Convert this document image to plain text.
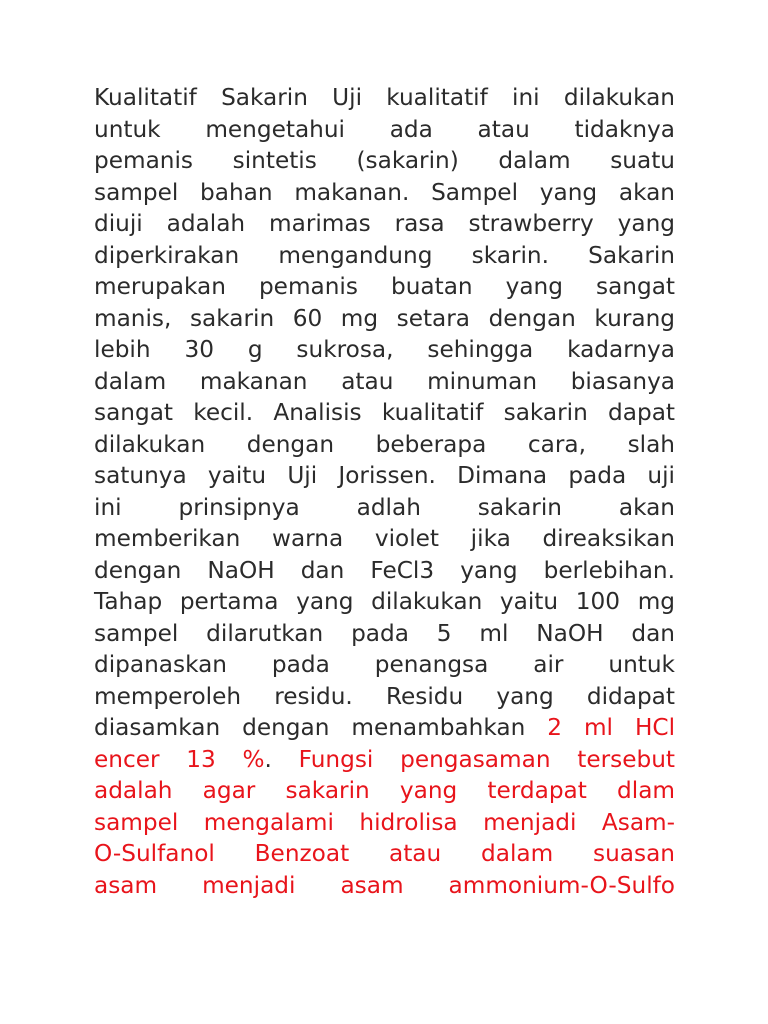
Kualitatif Sakarin Uji kualitatif ini dilakukan
untuk mengetahui ada atau tidaknya
pemanis sintetis (sakarin) dalam suatu
sampel bahan makanan. Sampel yang akan
diuji adalah marimas rasa strawberry yang
diperkirakan mengandung skarin. Sakarin
merupakan pemanis buatan yang sangat
manis, sakarin 60 mg setara dengan kurang
lebih 30 g sukrosa, sehingga kadarnya
dalam makanan atau minuman biasanya
sangat kecil. Analisis kualitatif sakarin dapat
dilakukan dengan beberapa cara, slah
satunya yaitu Uji Jorissen. Dimana pada uji
ini prinsipnya adlah sakarin akan
memberikan warna violet jika direaksikan
dengan NaOH dan FeCl3 yang berlebihan.
Tahap pertama yang dilakukan yaitu 100 mg
sampel dilarutkan pada 5 ml NaOH dan
dipanaskan pada penangsa air untuk
memperoleh residu. Residu yang didapat
diasamkan dengan menambahkan 2 ml HCl
encer 13 %. Fungsi pengasaman tersebut
adalah agar sakarin yang terdapat dlam
sampel mengalami hidrolisa menjadi Asam-
O-Sulfanol Benzoat atau dalam suasan
asam menjadi asam ammonium-O-Sulfo
